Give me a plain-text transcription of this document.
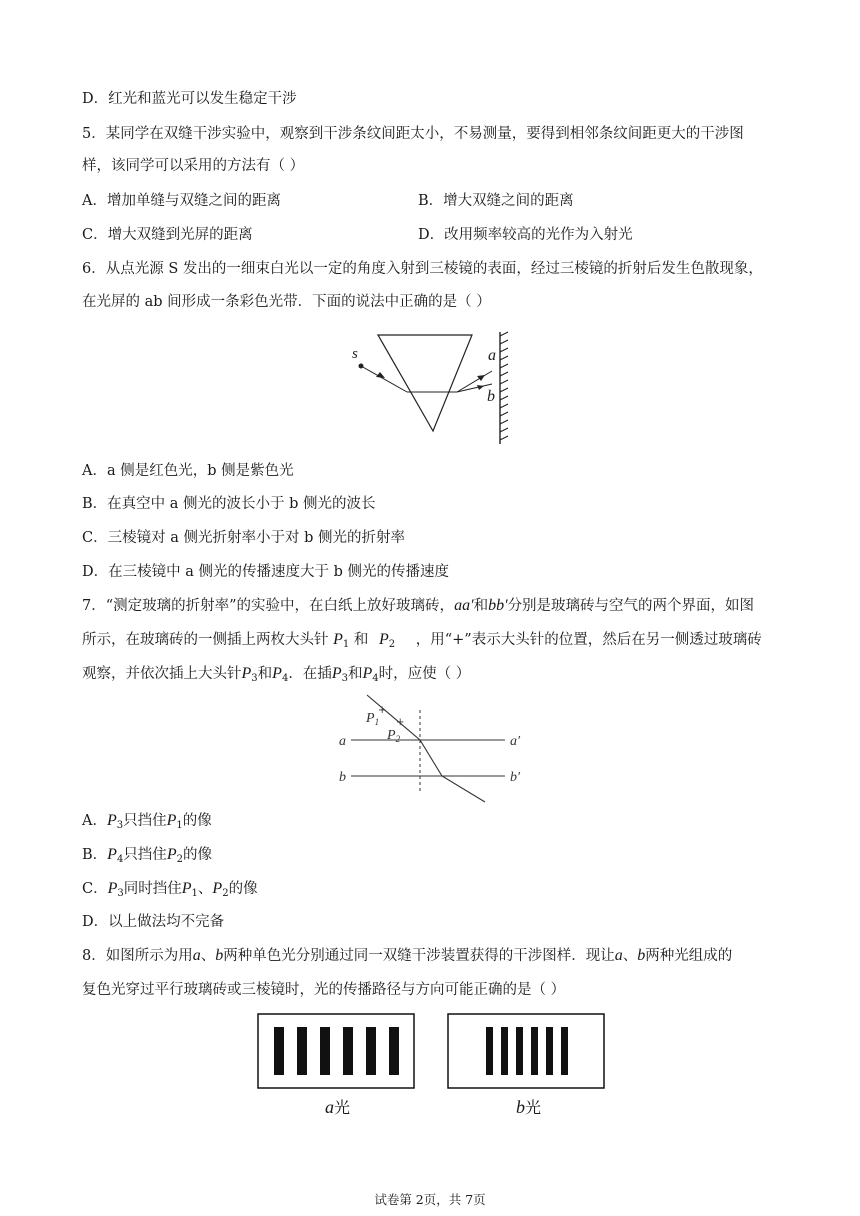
D．红光和蓝光可以发生稳定干涉
5．某同学在双缝干涉实验中，观察到干涉条纹间距太小，不易测量，要得到相邻条纹间距更大的干涉图
样，该同学可以采用的方法有（ ）
A．增加单缝与双缝之间的距离	B．增大双缝之间的距离
C．增大双缝到光屏的距离	D．改用频率较高的光作为入射光
6．从点光源 S 发出的一细束白光以一定的角度入射到三棱镜的表面，经过三棱镜的折射后发生色散现象，
在光屏的 ab 间形成一条彩色光带．下面的说法中正确的是（ ）
s	a
b
A．a 侧是红色光，b 侧是紫色光
B．在真空中 a 侧光的波长小于 b 侧光的波长
C．三棱镜对 a 侧光折射率小于对 b 侧光的折射率
D．在三棱镜中 a 侧光的传播速度大于 b 侧光的传播速度
7．“测定玻璃的折射率”的实验中，在白纸上放好玻璃砖，aa′和bb′分别是玻璃砖与空气的两个界面，如图
所示，在玻璃砖的一侧插上两枚大头针 $P_1$ 和 $P_2$ ，用“+”表示大头针的位置，然后在另一侧透过玻璃砖
观察，并依次插上大头针$P_3$和$P_4$．在插$P_3$和$P_4$时，应使（ ）
+
+
$P_1$
$P_2$
a	a′
b	b′
A．$P_3$只挡住$P_1$的像
B．$P_4$只挡住$P_2$的像
C．$P_3$同时挡住$P_1$、$P_2$的像
D．以上做法均不完备
8．如图所示为用a、b两种单色光分别通过同一双缝干涉装置获得的干涉图样．现让a、b两种光组成的
复色光穿过平行玻璃砖或三棱镜时，光的传播路径与方向可能正确的是（ ）
a光	b光
试卷第 2页，共 7页
